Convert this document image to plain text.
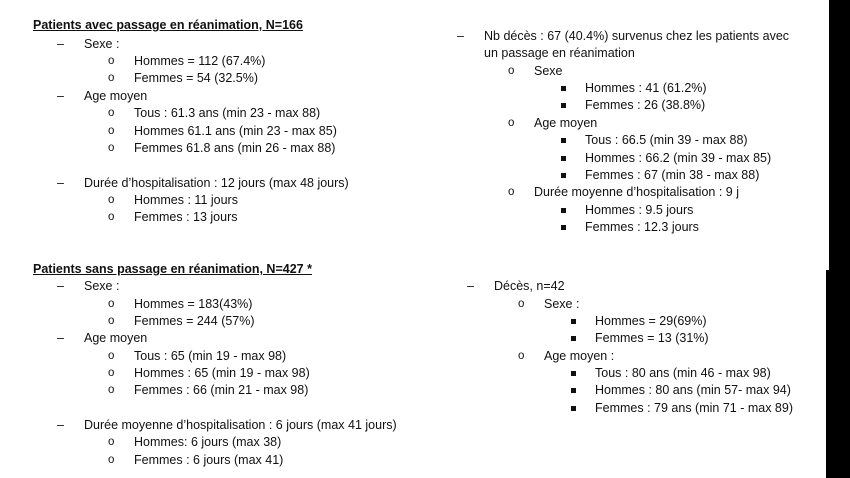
Patients avec passage en réanimation, N=166
– Sexe :
o Hommes = 112 (67.4%)
o Femmes = 54 (32.5%)
– Age moyen
o Tous : 61.3 ans (min 23 - max 88)
o Hommes 61.1 ans (min 23 - max 85)
o Femmes 61.8 ans (min 26 - max 88)
– Durée d’hospitalisation : 12 jours (max 48 jours)
o Hommes : 11 jours
o Femmes : 13 jours
– Nb décès : 67 (40.4%) survenus chez les patients avec
un passage en réanimation
o Sexe
Hommes : 41 (61.2%)
Femmes : 26 (38.8%)
o Age moyen
Tous : 66.5 (min 39 - max 88)
Hommes : 66.2 (min 39 - max 85)
Femmes : 67 (min 38 - max 88)
o Durée moyenne d’hospitalisation : 9 j
Hommes : 9.5 jours
Femmes : 12.3 jours
Patients sans passage en réanimation, N=427 *
– Sexe :
o Hommes = 183(43%)
o Femmes = 244 (57%)
– Age moyen
o Tous : 65 (min 19 - max 98)
o Hommes : 65 (min 19 - max 98)
o Femmes : 66 (min 21 - max 98)
– Durée moyenne d’hospitalisation : 6 jours (max 41 jours)
o Hommes: 6 jours (max 38)
o Femmes : 6 jours (max 41)
– Décès, n=42
o Sexe :
Hommes = 29(69%)
Femmes = 13 (31%)
o Age moyen :
Tous : 80 ans (min 46 - max 98)
Hommes : 80 ans (min 57- max 94)
Femmes : 79 ans (min 71 - max 89)
